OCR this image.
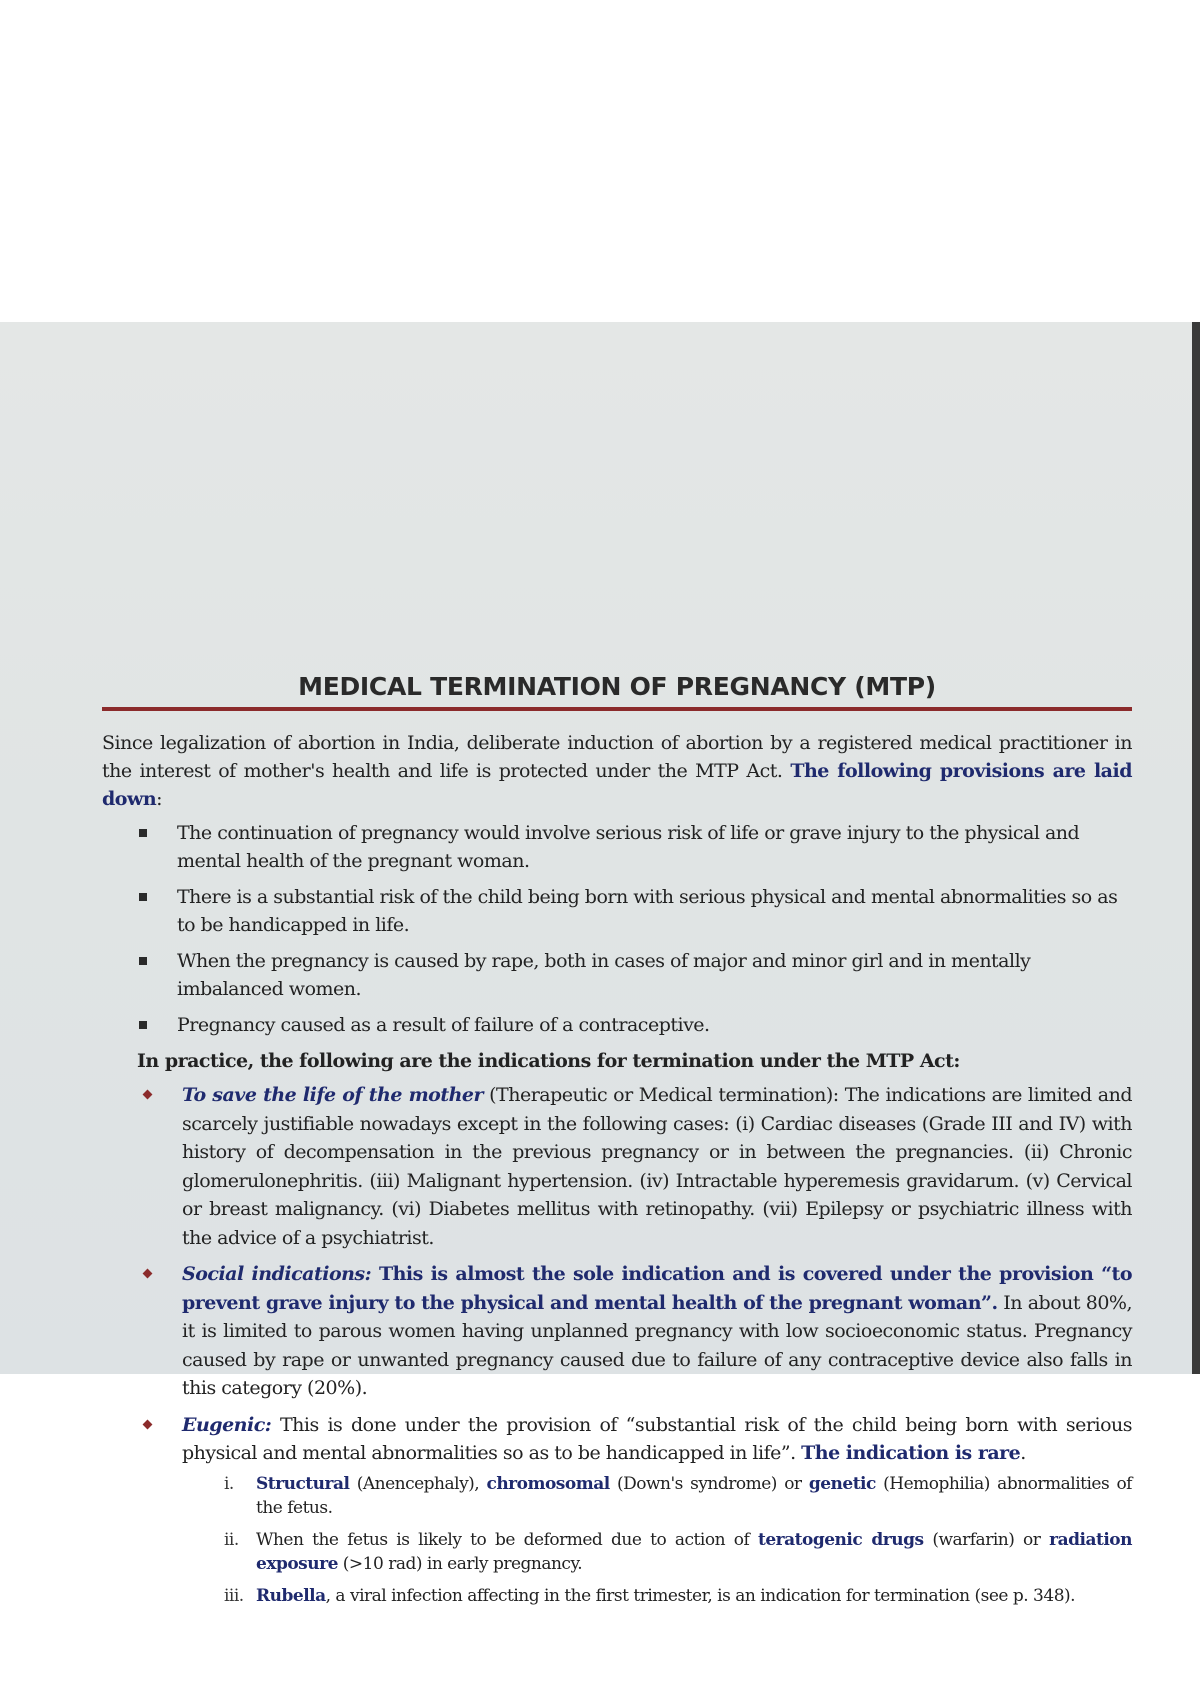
MEDICAL TERMINATION OF PREGNANCY (MTP)

Since legalization of abortion in India, deliberate induction of abortion by a registered medical practitioner in the interest of mother's health and life is protected under the MTP Act. The following provisions are laid down:

The continuation of pregnancy would involve serious risk of life or grave injury to the physical and mental health of the pregnant woman.
There is a substantial risk of the child being born with serious physical and mental abnormalities so as to be handicapped in life.
When the pregnancy is caused by rape, both in cases of major and minor girl and in mentally imbalanced women.
Pregnancy caused as a result of failure of a contraceptive.

In practice, the following are the indications for termination under the MTP Act:

To save the life of the mother (Therapeutic or Medical termination): The indications are limited and scarcely justifiable nowadays except in the following cases: (i) Cardiac diseases (Grade III and IV) with history of decompensation in the previous pregnancy or in between the pregnancies. (ii) Chronic glomerulonephritis. (iii) Malignant hypertension. (iv) Intractable hyperemesis gravidarum. (v) Cervical or breast malignancy. (vi) Diabetes mellitus with retinopathy. (vii) Epilepsy or psychiatric illness with the advice of a psychiatrist.
Social indications: This is almost the sole indication and is covered under the provision “to prevent grave injury to the physical and mental health of the pregnant woman”. In about 80%, it is limited to parous women having unplanned pregnancy with low socioeconomic status. Pregnancy caused by rape or unwanted pregnancy caused due to failure of any contraceptive device also falls in this category (20%).
Eugenic: This is done under the provision of “substantial risk of the child being born with serious physical and mental abnormalities so as to be handicapped in life”. The indication is rare.
i. Structural (Anencephaly), chromosomal (Down's syndrome) or genetic (Hemophilia) abnormalities of the fetus.
ii. When the fetus is likely to be deformed due to action of teratogenic drugs (warfarin) or radiation exposure (>10 rad) in early pregnancy.
iii. Rubella, a viral infection affecting in the first trimester, is an indication for termination (see p. 348).
